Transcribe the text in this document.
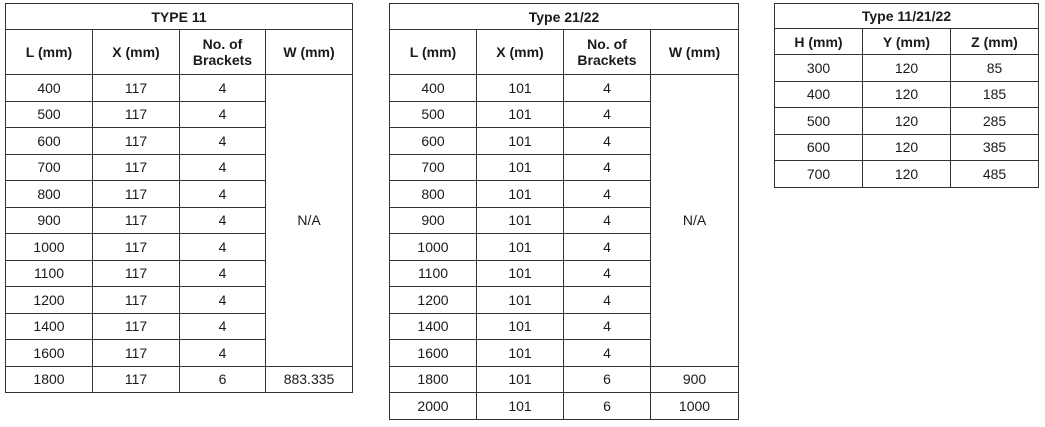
TYPE 11			
L (mm)	X (mm)	No. of Brackets	W (mm)
400	117	4	N/A
500	117	4	
600	117	4	
700	117	4	
800	117	4	
900	117	4	
1000	117	4	
1100	117	4	
1200	117	4	
1400	117	4	
1600	117	4	
1800	117	6	883.335
Type 21/22			
L (mm)	X (mm)	No. of Brackets	W (mm)
400	101	4	N/A
500	101	4	
600	101	4	
700	101	4	
800	101	4	
900	101	4	
1000	101	4	
1100	101	4	
1200	101	4	
1400	101	4	
1600	101	4	
1800	101	6	900
2000	101	6	1000
Type 11/21/22		
H (mm)	Y (mm)	Z (mm)
300	120	85
400	120	185
500	120	285
600	120	385
700	120	485
